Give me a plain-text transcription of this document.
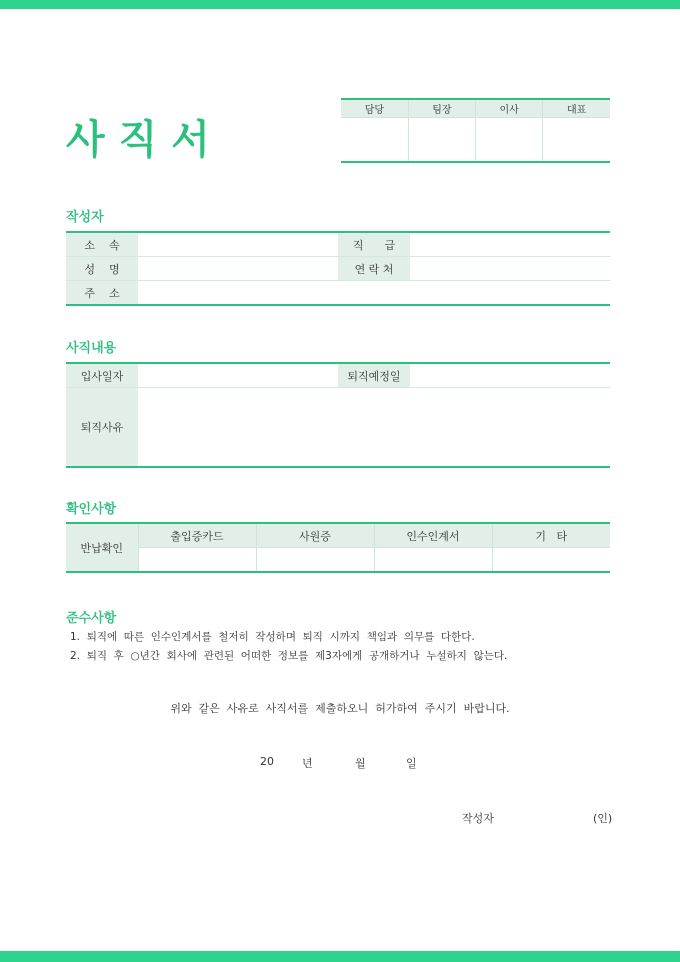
사 직 서
담당	팀장	이사	대표

작성자
소    속		직      급	
성    명		연 락 처	
주    소			
사직내용
입사일자		퇴직예정일	
퇴직사유			
확인사항
반납확인	출입증카드	사원증	인수인계서	기   타

준수사항
1.  퇴직에  따른  인수인계서를  철저히  작성하며  퇴직  시까지  책임과  의무를  다한다.
2.  퇴직  후  ○년간  회사에  관련된  어떠한  정보를  제3자에게  공개하거나  누설하지  않는다.
위와  같은  사유로  사직서를  제출하오니  허가하여  주시기  바랍니다.
20	년	월	일
작성자	(인)
